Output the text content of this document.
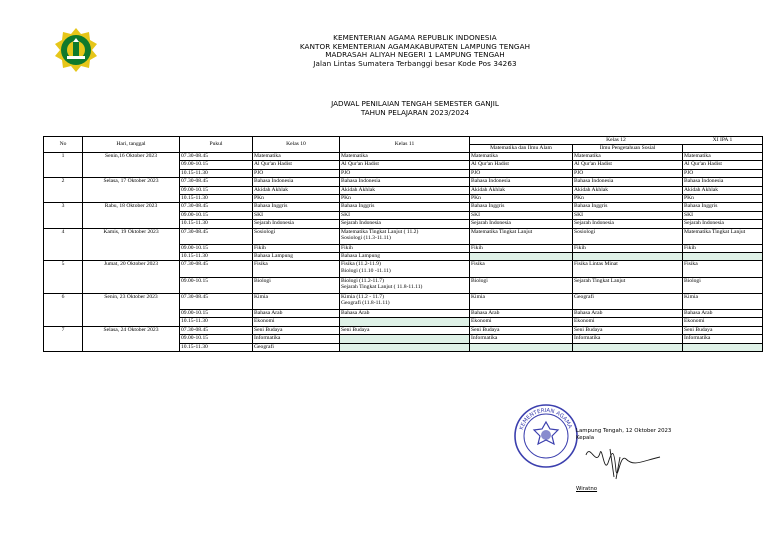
KEMENTERIAN AGAMA REPUBLIK INDONESIA
KANTOR KEMENTERIAN AGAMAKABUPATEN LAMPUNG TENGAH
MADRASAH ALIYAH NEGERI 1 LAMPUNG TENGAH
Jalan Lintas Sumatera Terbanggi besar Kode Pos 34263
JADWAL PENILAIAN TENGAH SEMESTER GANJIL
TAHUN PELAJARAN 2023/2024
No	Hari, tanggal	Pukul	Kelas 10	Kelas 11	Kelas 12		
					Matematika dan Ilmu Alam	Ilmu Pengetahuan Sosial	XI IPA 1
1	Senin,16 Oktober 2023	07.30-08.45	Matematika	Matematika	Matematika	Matematika	Matematika
		09.00-10.15	Al Qur'an Hadist	Al Qur'an Hadist	Al Qur'an Hadist	Al Qur'an Hadist	Al Qur'an Hadist
		10.15-11.30	PJO	PJO	PJO	PJO	PJO
2	Selasa, 17 Oktober 2023	07.30-08.45	Bahasa Indonesia	Bahasa Indonesia	Bahasa Indonesia	Bahasa Indonesia	Bahasa Indonesia
		09.00-10.15	Akidah Akhlak	Akidah Akhlak	Akidah Akhlak	Akidah Akhlak	Akidah Akhlak
		10.15-11.30	PKn	PKn	PKn	PKn	PKn
3	Rabu, 18 Oktober 2023	07.30-08.45	Bahasa Inggris	Bahasa Inggris	Bahasa Inggris	Bahasa Inggris	Bahasa Inggris
		09.00-10.15	SKI	SKI	SKI	SKI	SKI
		10.15-11.30	Sejarah Indonesia	Sejarah Indonesia	Sejarah Indonesia	Sejarah Indonesia	Sejarah Indonesia
4	Kamis, 19 Oktober 2023	07.30-08.45	Sosiologi	Matematika Tingkat Lanjut ( 11.2)
Sosiologi (11.3-11.11)	Matematika Tingkat Lanjut	Sosiologi	Matematika Tingkat Lanjut
		09.00-10.15	Fikih	Fikih	Fikih	Fikih	Fikih
		10.15-11.30	Bahasa Lampung	Bahasa Lampung			
5	Jumat, 20 Oktober 2023	07.30-08.45	Fisika	Fisika (11.2-11.9)
Biologi (11.10 -11.11)	Fisika	Fisika Lintas Minat	Fisika
		09.00-10.15	Biologi	Biologi (11.2-11.7)
Sejarah Tingkat Lanjut ( 11.8-11.11)	Biologi	Sejarah Tingkat Lanjut	Biologi
6	Senin, 23 Oktober 2023	07.30-08.45	Kimia	Kimia (11.2 - 11.7)
Geografi (11.8-11.11)	Kimia	Geografi	Kimia
		09.00-10.15	Bahasa Arab	Bahasa Arab	Bahasa Arab	Bahasa Arab	Bahasa Arab
		10.15-11.30	Ekonomi		Ekonomi	Ekonomi	Ekonomi
7	Selasa, 24 Oktober 2023	07.30-08.45	Seni Budaya	Seni Budaya	Seni Budaya	Seni Budaya	Seni Budaya
		09.00-10.15	Informatika		Informatika	Informatika	Informatika
		10.15-11.30	Geografi				
KEMENTERIAN AGAMA
Lampung Tengah, 12 Oktober 2023
Kepala
Wiratno
